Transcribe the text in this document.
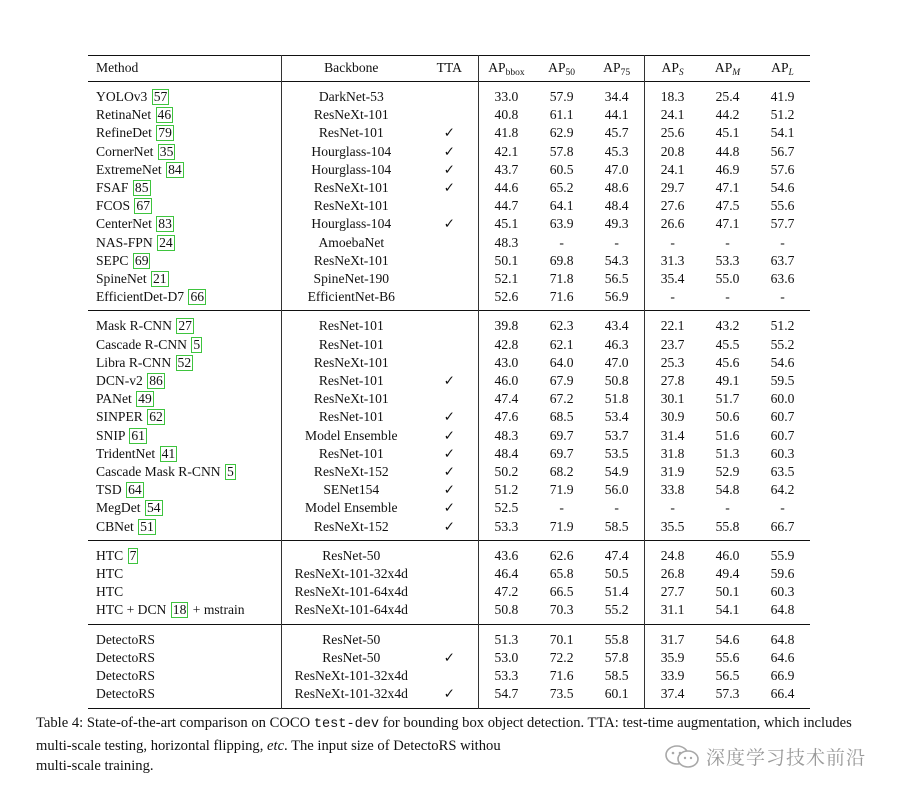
Method	Backbone	TTA	$AP_{bbox}$	$AP_{50}$	$AP_{75}$	$AP_S$	$AP_M$	$AP_L$
YOLOv3 57	DarkNet-53		33.0	57.9	34.4	18.3	25.4	41.9
RetinaNet 46	ResNeXt-101		40.8	61.1	44.1	24.1	44.2	51.2
RefineDet 79	ResNet-101	✓	41.8	62.9	45.7	25.6	45.1	54.1
CornerNet 35	Hourglass-104	✓	42.1	57.8	45.3	20.8	44.8	56.7
ExtremeNet 84	Hourglass-104	✓	43.7	60.5	47.0	24.1	46.9	57.6
FSAF 85	ResNeXt-101	✓	44.6	65.2	48.6	29.7	47.1	54.6
FCOS 67	ResNeXt-101		44.7	64.1	48.4	27.6	47.5	55.6
CenterNet 83	Hourglass-104	✓	45.1	63.9	49.3	26.6	47.1	57.7
NAS-FPN 24	AmoebaNet		48.3	-	-	-	-	-
SEPC 69	ResNeXt-101		50.1	69.8	54.3	31.3	53.3	63.7
SpineNet 21	SpineNet-190		52.1	71.8	56.5	35.4	55.0	63.6
EfficientDet-D7 66	EfficientNet-B6		52.6	71.6	56.9	-	-	-
Mask R-CNN 27	ResNet-101		39.8	62.3	43.4	22.1	43.2	51.2
Cascade R-CNN 5	ResNet-101		42.8	62.1	46.3	23.7	45.5	55.2
Libra R-CNN 52	ResNeXt-101		43.0	64.0	47.0	25.3	45.6	54.6
DCN-v2 86	ResNet-101	✓	46.0	67.9	50.8	27.8	49.1	59.5
PANet 49	ResNeXt-101		47.4	67.2	51.8	30.1	51.7	60.0
SINPER 62	ResNet-101	✓	47.6	68.5	53.4	30.9	50.6	60.7
SNIP 61	Model Ensemble	✓	48.3	69.7	53.7	31.4	51.6	60.7
TridentNet 41	ResNet-101	✓	48.4	69.7	53.5	31.8	51.3	60.3
Cascade Mask R-CNN 5	ResNeXt-152	✓	50.2	68.2	54.9	31.9	52.9	63.5
TSD 64	SENet154	✓	51.2	71.9	56.0	33.8	54.8	64.2
MegDet 54	Model Ensemble	✓	52.5	-	-	-	-	-
CBNet 51	ResNeXt-152	✓	53.3	71.9	58.5	35.5	55.8	66.7
HTC 7	ResNet-50		43.6	62.6	47.4	24.8	46.0	55.9
HTC	ResNeXt-101-32x4d		46.4	65.8	50.5	26.8	49.4	59.6
HTC	ResNeXt-101-64x4d		47.2	66.5	51.4	27.7	50.1	60.3
HTC + DCN 18 + mstrain	ResNeXt-101-64x4d		50.8	70.3	55.2	31.1	54.1	64.8
DetectoRS	ResNet-50		51.3	70.1	55.8	31.7	54.6	64.8
DetectoRS	ResNet-50	✓	53.0	72.2	57.8	35.9	55.6	64.6
DetectoRS	ResNeXt-101-32x4d		53.3	71.6	58.5	33.9	56.5	66.9
DetectoRS	ResNeXt-101-32x4d	✓	54.7	73.5	60.1	37.4	57.3	66.4
Table 4: State-of-the-art comparison on COCO test-dev for bounding box object detection. TTA: test-time augmentation, which includes multi-scale testing, horizontal flipping, etc. The input size of DetectoRS withou
multi-scale training.	深度学习技术前沿
